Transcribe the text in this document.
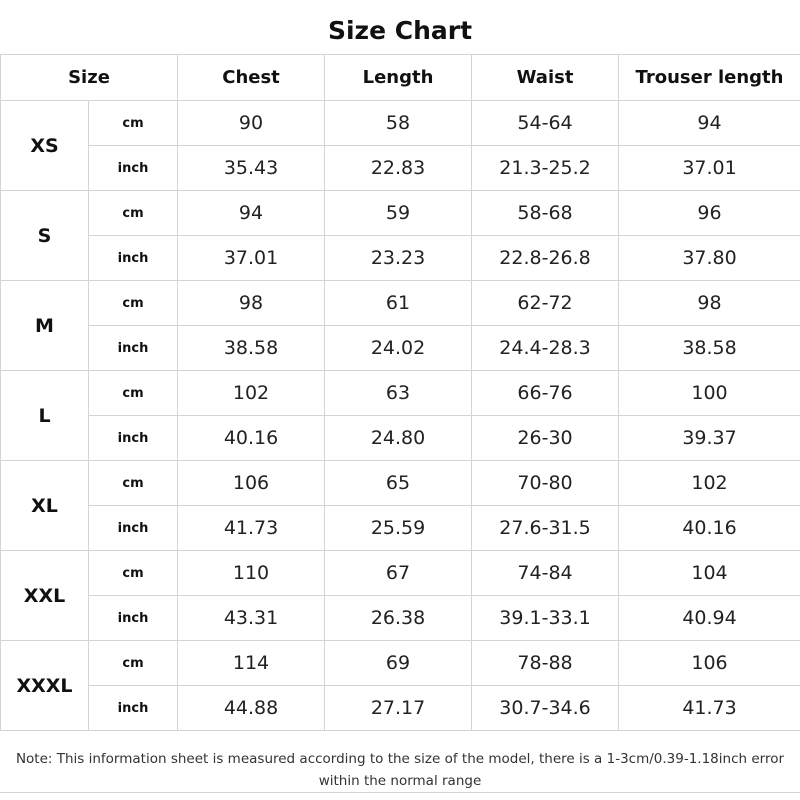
Size Chart
Size		Chest	Length	Waist	Trouser length
XS	cm	90	58	54-64	94
	inch	35.43	22.83	21.3-25.2	37.01
S	cm	94	59	58-68	96
	inch	37.01	23.23	22.8-26.8	37.80
M	cm	98	61	62-72	98
	inch	38.58	24.02	24.4-28.3	38.58
L	cm	102	63	66-76	100
	inch	40.16	24.80	26-30	39.37
XL	cm	106	65	70-80	102
	inch	41.73	25.59	27.6-31.5	40.16
XXL	cm	110	67	74-84	104
	inch	43.31	26.38	39.1-33.1	40.94
XXXL	cm	114	69	78-88	106
	inch	44.88	27.17	30.7-34.6	41.73
Note: This information sheet is measured according to the size of the model, there is a 1-3cm/0.39-1.18inch error within the normal range
